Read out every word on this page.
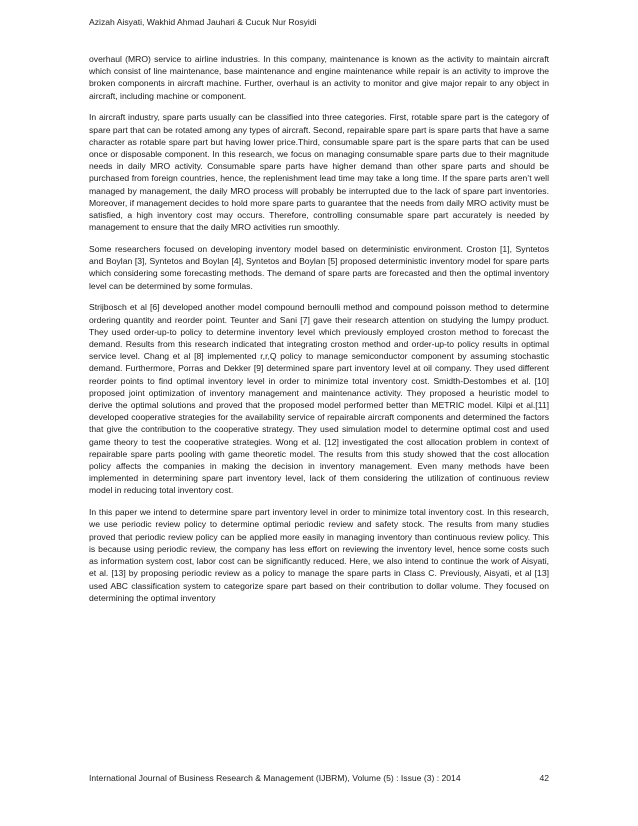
Azizah Aisyati, Wakhid Ahmad Jauhari & Cucuk Nur Rosyidi

overhaul (MRO) service to airline industries. In this company, maintenance is known as the activity to maintain aircraft which consist of line maintenance, base maintenance and engine maintenance while repair is an activity to improve the broken components in aircraft machine. Further, overhaul is an activity to monitor and give major repair to any object in aircraft, including machine or component.

In aircraft industry, spare parts usually can be classified into three categories. First, rotable spare part is the category of spare part that can be rotated among any types of aircraft. Second, repairable spare part is spare parts that have a same character as rotable spare part but having lower price.Third, consumable spare part is the spare parts that can be used once or disposable component. In this research, we focus on managing consumable spare parts due to their magnitude needs in daily MRO activity. Consumable spare parts have higher demand than other spare parts and should be purchased from foreign countries, hence, the replenishment lead time may take a long time. If the spare parts aren’t well managed by management, the daily MRO process will probably be interrupted due to the lack of spare part inventories. Moreover, if management decides to hold more spare parts to guarantee that the needs from daily MRO activity must be satisfied, a high inventory cost may occurs. Therefore, controlling consumable spare part accurately is needed by management to ensure that the daily MRO activities run smoothly.

Some researchers focused on developing inventory model based on deterministic environment. Croston [1], Syntetos and Boylan [3], Syntetos and Boylan [4], Syntetos and Boylan [5] proposed deterministic inventory model for spare parts which considering some forecasting methods. The demand of spare parts are forecasted and then the optimal inventory level can be determined by some formulas.

Strijbosch et al [6] developed another model compound bernoulli method and compound poisson method to determine ordering quantity and reorder point. Teunter and Sani [7] gave their research attention on studying the lumpy product. They used order-up-to policy to determine inventory level which previously employed croston method to forecast the demand. Results from this research indicated that integrating croston method and order-up-to policy results in optimal service level. Chang et al [8] implemented r,r,Q policy to manage semiconductor component by assuming stochastic demand. Furthermore, Porras and Dekker [9] determined spare part inventory level at oil company. They used different reorder points to find optimal inventory level in order to minimize total inventory cost. Smidth-Destombes et al. [10] proposed joint optimization of inventory management and maintenance activity. They proposed a heuristic model to derive the optimal solutions and proved that the proposed model performed better than METRIC model. Kilpi et al.[11] developed cooperative strategies for the availability service of repairable aircraft components and determined the factors that give the contribution to the cooperative strategy. They used simulation model to determine optimal cost and used game theory to test the cooperative strategies. Wong et al. [12] investigated the cost allocation problem in context of repairable spare parts pooling with game theoretic model. The results from this study showed that the cost allocation policy affects the companies in making the decision in inventory management. Even many methods have been implemented in determining spare part inventory level, lack of them considering the utilization of continuous review model in reducing total inventory cost.

In this paper we intend to determine spare part inventory level in order to minimize total inventory cost. In this research, we use periodic review policy to determine optimal periodic review and safety stock. The results from many studies proved that periodic review policy can be applied more easily in managing inventory than continuous review policy. This is because using periodic review, the company has less effort on reviewing the inventory level, hence some costs such as information system cost, labor cost can be significantly reduced. Here, we also intend to continue the work of Aisyati, et al. [13] by proposing periodic review as a policy to manage the spare parts in Class C. Previously, Aisyati, et al [13] used ABC classification system to categorize spare part based on their contribution to dollar volume. They focused on determining the optimal inventory

International Journal of Business Research & Management (IJBRM), Volume (5) : Issue (3) : 2014	42
